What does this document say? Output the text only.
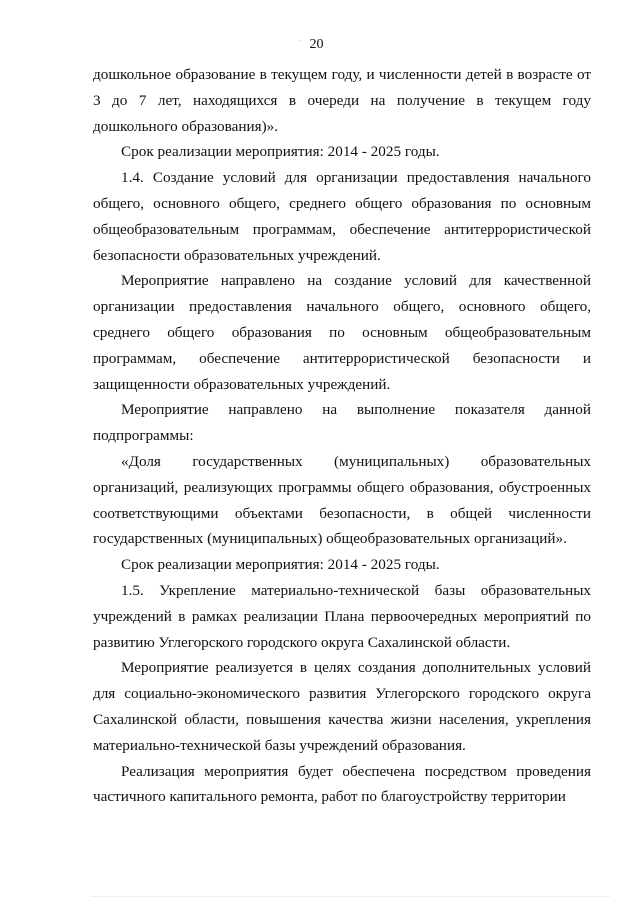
20

дошкольное образование в текущем году, и численности детей в возрасте от 3 до 7 лет, находящихся в очереди на получение в текущем году дошкольного образования)».

Срок реализации мероприятия: 2014 - 2025 годы.

1.4. Создание условий для организации предоставления начального общего, основного общего, среднего общего образования по основным общеобразовательным программам, обеспечение антитеррористической безопасности образовательных учреждений.

Мероприятие направлено на создание условий для качественной организации предоставления начального общего, основного общего, среднего общего образования по основным общеобразовательным программам, обеспечение антитеррористической безопасности и защищенности образовательных учреждений.

Мероприятие направлено на выполнение показателя данной подпрограммы:

«Доля государственных (муниципальных) образовательных организаций, реализующих программы общего образования, обустроенных соответствующими объектами безопасности, в общей численности государственных (муниципальных) общеобразовательных организаций».

Срок реализации мероприятия: 2014 - 2025 годы.

1.5. Укрепление материально-технической базы образовательных учреждений в рамках реализации Плана первоочередных мероприятий по развитию Углегорского городского округа Сахалинской области.

Мероприятие реализуется в целях создания дополнительных условий для социально-экономического развития Углегорского городского округа Сахалинской области, повышения качества жизни населения, укрепления материально-технической базы учреждений образования.

Реализация мероприятия будет обеспечена посредством проведения частичного капитального ремонта, работ по благоустройству территории
